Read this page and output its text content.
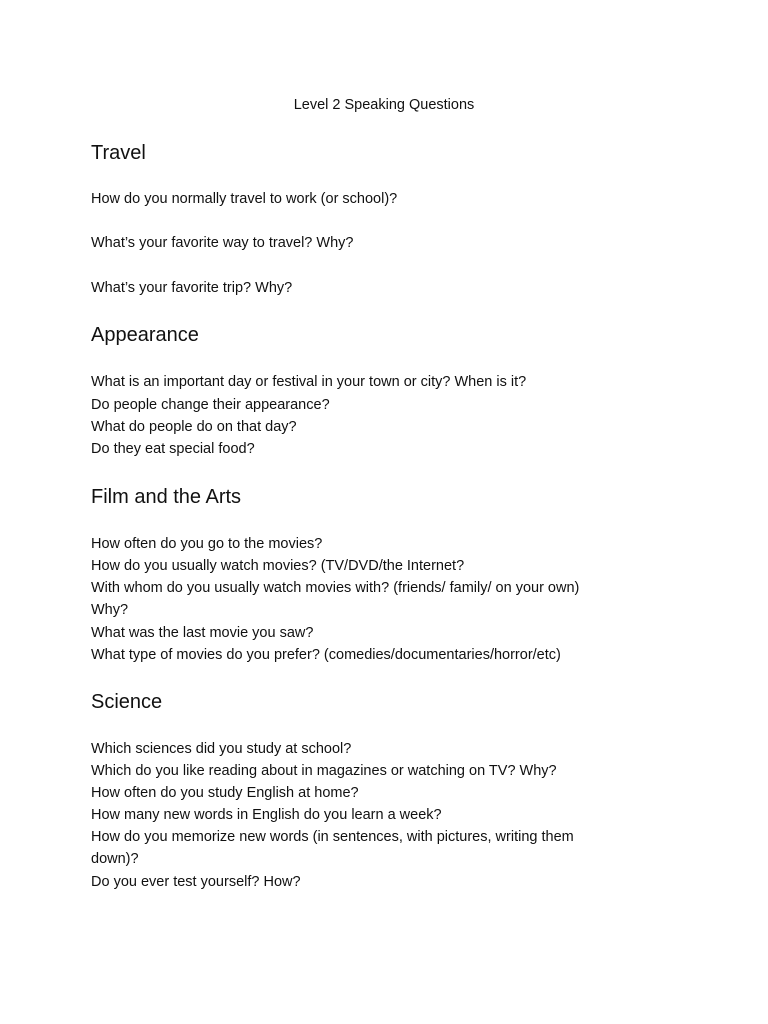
Level 2 Speaking Questions
Travel
How do you normally travel to work (or school)?
What’s your favorite way to travel? Why?
What’s your favorite trip? Why?
Appearance
What is an important day or festival in your town or city? When is it?
Do people change their appearance?
What do people do on that day?
Do they eat special food?
Film and the Arts
How often do you go to the movies?
How do you usually watch movies? (TV/DVD/the Internet?
With whom do you usually watch movies with? (friends/ family/ on your own)
Why?
What was the last movie you saw?
What type of movies do you prefer? (comedies/documentaries/horror/etc)
Science
Which sciences did you study at school?
Which do you like reading about in magazines or watching on TV? Why?
How often do you study English at home?
How many new words in English do you learn a week?
How do you memorize new words (in sentences, with pictures, writing them
down)?
Do you ever test yourself? How?
